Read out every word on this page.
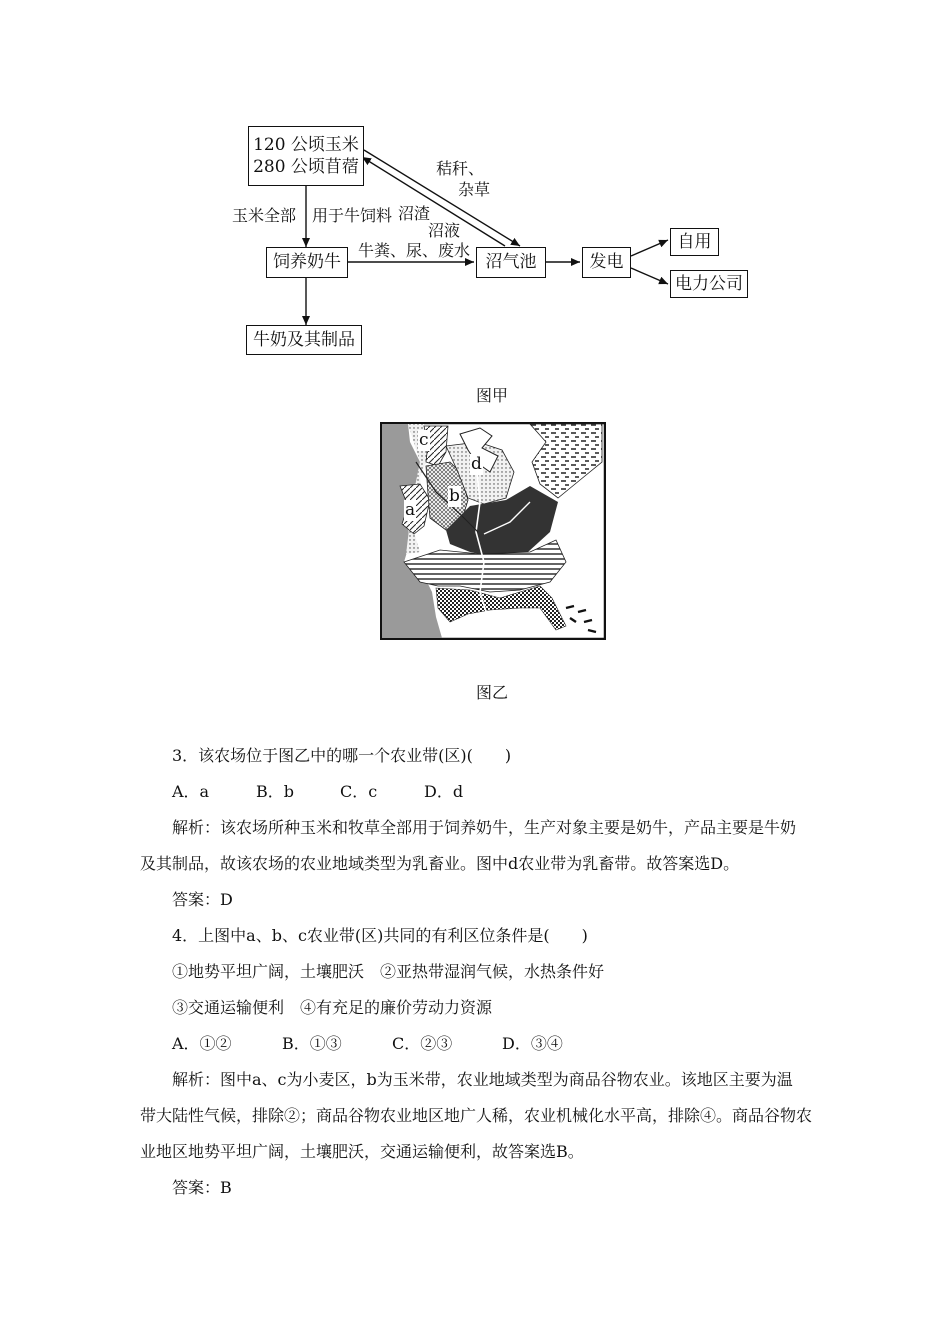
120 公顷玉米
280 公顷苜蓿
饲养奶牛	沼气池	发电
自用
电力公司
牛奶及其制品
玉米全部 用于牛饲料
秸秆、
杂草
沼渣
沼液
牛粪、尿、废水
图甲
c
d
b
a
图乙

3．该农场位于图乙中的哪一个农业带(区)(　　)

A．a	B．b	C．c	D．d

解析：该农场所种玉米和牧草全部用于饲养奶牛，生产对象主要是奶牛，产品主要是牛奶

及其制品，故该农场的农业地域类型为乳畜业。图中d农业带为乳畜带。故答案选D。

答案：D

4．上图中a、b、c农业带(区)共同的有利区位条件是(　　)

①地势平坦广阔，土壤肥沃　②亚热带湿润气候，水热条件好

③交通运输便利　④有充足的廉价劳动力资源

A．①②	B．①③	C．②③	D．③④

解析：图中a、c为小麦区，b为玉米带，农业地域类型为商品谷物农业。该地区主要为温

带大陆性气候，排除②；商品谷物农业地区地广人稀，农业机械化水平高，排除④。商品谷物农

业地区地势平坦广阔，土壤肥沃，交通运输便利，故答案选B。

答案：B
